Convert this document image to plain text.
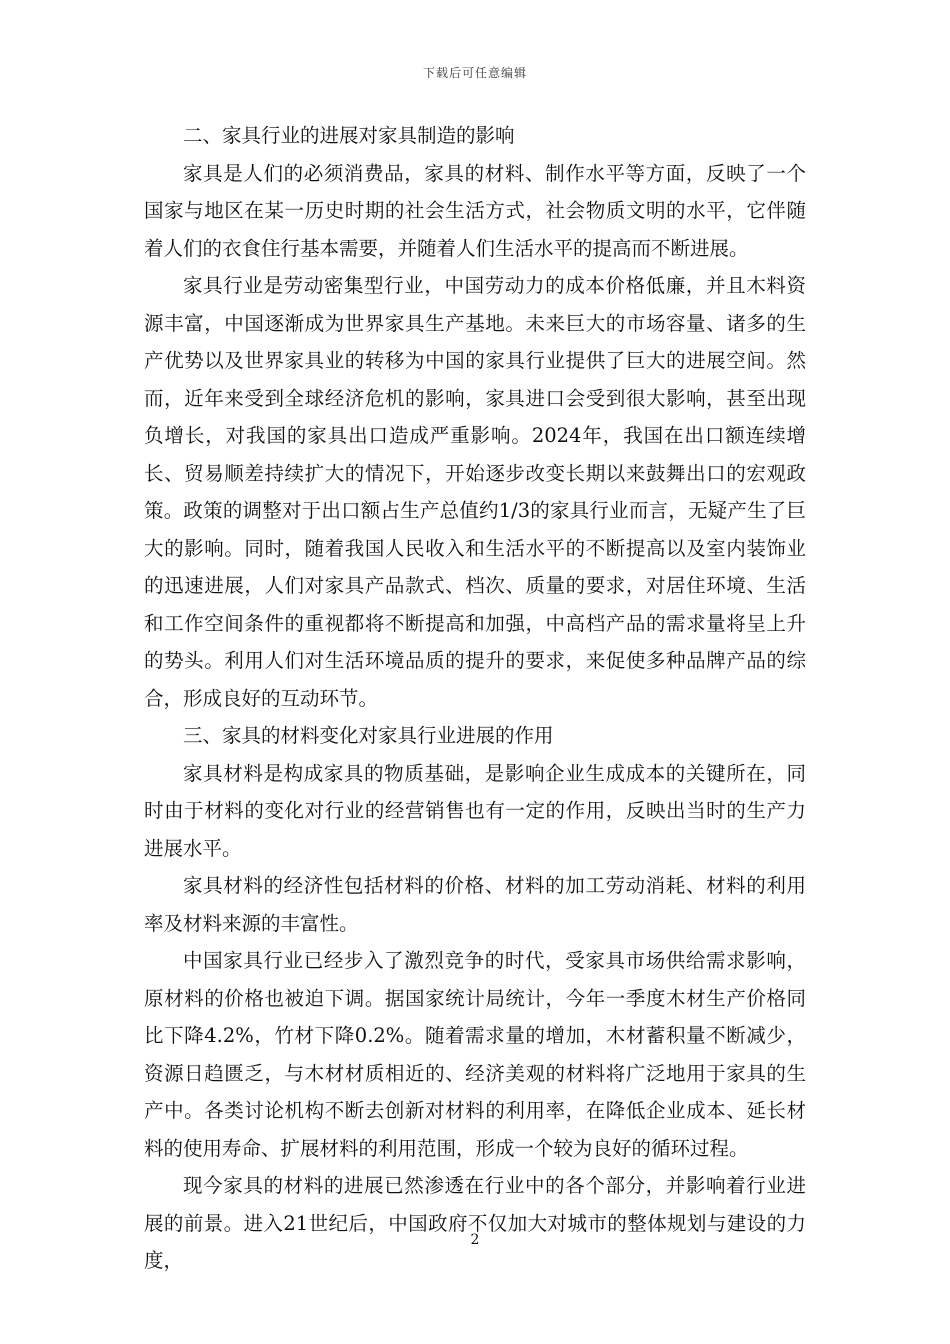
下载后可任意编辑
二、家具行业的进展对家具制造的影响

家具是人们的必须消费品，家具的材料、制作水平等方面，反映了一个国家与地区在某一历史时期的社会生活方式，社会物质文明的水平，它伴随着人们的衣食住行基本需要，并随着人们生活水平的提高而不断进展。

家具行业是劳动密集型行业，中国劳动力的成本价格低廉，并且木料资源丰富，中国逐渐成为世界家具生产基地。未来巨大的市场容量、诸多的生产优势以及世界家具业的转移为中国的家具行业提供了巨大的进展空间。然而，近年来受到全球经济危机的影响，家具进口会受到很大影响，甚至出现负增长，对我国的家具出口造成严重影响。2024年，我国在出口额连续增长、贸易顺差持续扩大的情况下，开始逐步改变长期以来鼓舞出口的宏观政策。政策的调整对于出口额占生产总值约1/3的家具行业而言，无疑产生了巨大的影响。同时，随着我国人民收入和生活水平的不断提高以及室内装饰业的迅速进展，人们对家具产品款式、档次、质量的要求，对居住环境、生活和工作空间条件的重视都将不断提高和加强，中高档产品的需求量将呈上升的势头。利用人们对生活环境品质的提升的要求，来促使多种品牌产品的综合，形成良好的互动环节。

三、家具的材料变化对家具行业进展的作用

家具材料是构成家具的物质基础，是影响企业生成成本的关键所在，同时由于材料的变化对行业的经营销售也有一定的作用，反映出当时的生产力进展水平。

家具材料的经济性包括材料的价格、材料的加工劳动消耗、材料的利用率及材料来源的丰富性。

中国家具行业已经步入了激烈竞争的时代，受家具市场供给需求影响，原材料的价格也被迫下调。据国家统计局统计，今年一季度木材生产价格同比下降4.2%，竹材下降0.2%。随着需求量的增加，木材蓄积量不断减少，资源日趋匮乏，与木材材质相近的、经济美观的材料将广泛地用于家具的生产中。各类讨论机构不断去创新对材料的利用率，在降低企业成本、延长材料的使用寿命、扩展材料的利用范围，形成一个较为良好的循环过程。

现今家具的材料的进展已然渗透在行业中的各个部分，并影响着行业进展的前景。进入21世纪后，中国政府不仅加大对城市的整体规划与建设的力度，

2
